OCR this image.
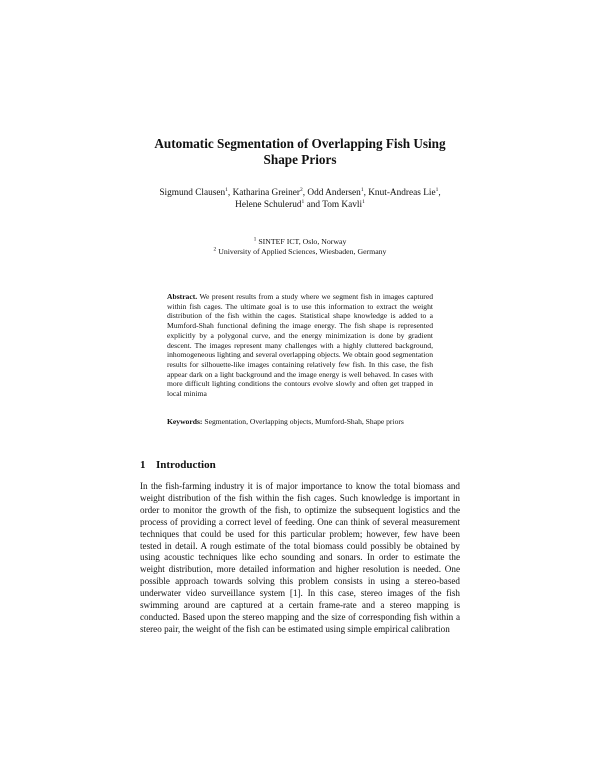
Automatic Segmentation of Overlapping Fish Using Shape Priors
Sigmund Clausen$^1$, Katharina Greiner$^2$, Odd Andersen$^1$, Knut-Andreas Lie$^1$,
Helene Schulerud$^1$ and Tom Kavli$^1$
$^1$ SINTEF ICT, Oslo, Norway
$^2$ University of Applied Sciences, Wiesbaden, Germany
Abstract. We present results from a study where we segment fish in images captured within fish cages. The ultimate goal is to use this information to extract the weight distribution of the fish within the cages. Statistical shape knowledge is added to a Mumford-Shah functional defining the image energy. The fish shape is represented explicitly by a polygonal curve, and the energy minimization is done by gradient descent. The images represent many challenges with a highly cluttered background, inhomogeneous lighting and several overlapping objects. We obtain good segmentation results for silhouette-like images containing relatively few fish. In this case, the fish appear dark on a light background and the image energy is well behaved. In cases with more difficult lighting conditions the contours evolve slowly and often get trapped in local minima
Keywords: Segmentation, Overlapping objects, Mumford-Shah, Shape priors
1 Introduction
In the fish-farming industry it is of major importance to know the total biomass and weight distribution of the fish within the fish cages. Such knowledge is important in order to monitor the growth of the fish, to optimize the subsequent logistics and the process of providing a correct level of feeding. One can think of several measurement techniques that could be used for this particular problem; however, few have been tested in detail. A rough estimate of the total biomass could possibly be obtained by using acoustic techniques like echo sounding and sonars. In order to estimate the weight distribution, more detailed information and higher resolution is needed. One possible approach towards solving this problem consists in using a stereo-based underwater video surveillance system [1]. In this case, stereo images of the fish swimming around are captured at a certain frame-rate and a stereo mapping is conducted. Based upon the stereo mapping and the size of corresponding fish within a stereo pair, the weight of the fish can be estimated using simple empirical calibration
